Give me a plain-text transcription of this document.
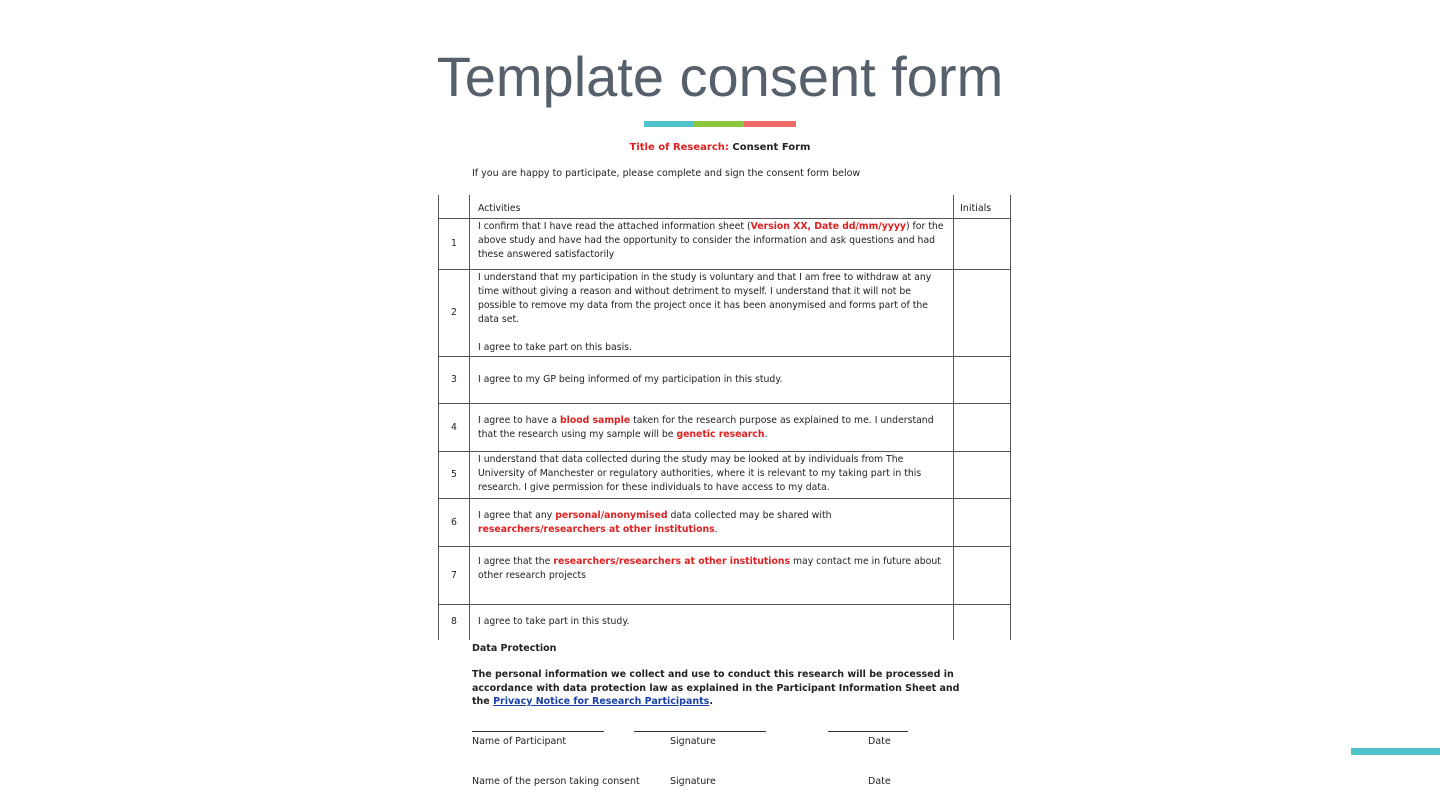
Template consent form
Title of Research: Consent Form
If you are happy to participate, please complete and sign the consent form below
	Activities	Initials
1	I confirm that I have read the attached information sheet (Version XX, Date dd/mm/yyyy) for the above study and have had the opportunity to consider the information and ask questions and had these answered satisfactorily	
2	I understand that my participation in the study is voluntary and that I am free to withdraw at any time without giving a reason and without detriment to myself. I understand that it will not be possible to remove my data from the project once it has been anonymised and forms part of the data set.

I agree to take part on this basis.	

3	I agree to my GP being informed of my participation in this study.	
4	I agree to have a blood sample taken for the research purpose as explained to me. I understand that the research using my sample will be genetic research.	
5	I understand that data collected during the study may be looked at by individuals from The University of Manchester or regulatory authorities, where it is relevant to my taking part in this research. I give permission for these individuals to have access to my data.	
6	I agree that any personal/anonymised data collected may be shared with researchers/researchers at other institutions.	
7	I agree that the researchers/researchers at other institutions may contact me in future about other research projects	
8	I agree to take part in this study.	
Data Protection
The personal information we collect and use to conduct this research will be processed in accordance with data protection law as explained in the Participant Information Sheet and the Privacy Notice for Research Participants.
Name of Participant	Signature	Date
Name of the person taking consent	Signature	Date
